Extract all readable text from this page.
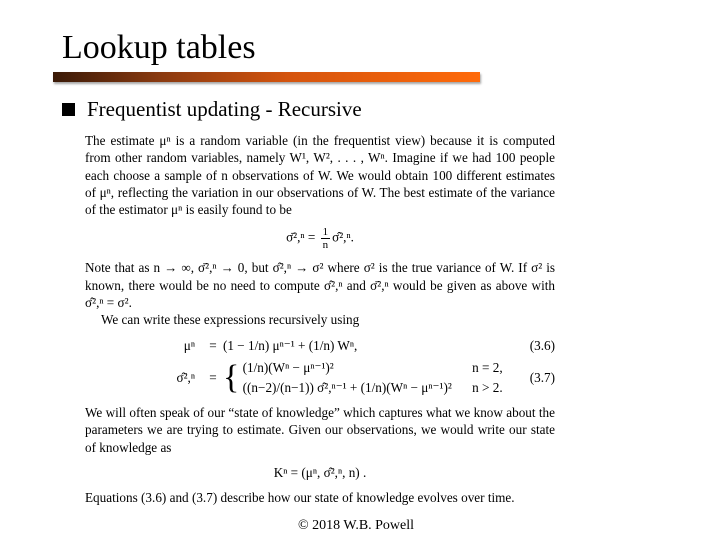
Lookup tables
Frequentist updating - Recursive

The estimate μⁿ is a random variable (in the frequentist view) because it is computed from other random variables, namely W¹, W², . . . , Wⁿ. Imagine if we had 100 people each choose a sample of n observations of W. We would obtain 100 different estimates of μⁿ, reflecting the variation in our observations of W. The best estimate of the variance of the estimator μⁿ is easily found to be

σ̄²,ⁿ = $\frac{1}{n}$ σ̂²,ⁿ.

Note that as n → ∞, σ̄²,ⁿ → 0, but σ̂²,ⁿ → σ² where σ² is the true variance of W. If σ² is known, there would be no need to compute σ̂²,ⁿ and σ̄²,ⁿ would be given as above with σ̂²,ⁿ = σ².

We can write these expressions recursively using

μⁿ	=	(1 − 1/n) μⁿ⁻¹ + (1/n) Wⁿ,	(3.6)
σ̂²,ⁿ	=	{ (1/n)(Wⁿ − μⁿ⁻¹)² n = 2,
((n−2)/(n−1)) σ̂²,ⁿ⁻¹ + (1/n)(Wⁿ − μⁿ⁻¹)² n > 2.	(3.7)

We will often speak of our “state of knowledge” which captures what we know about the parameters we are trying to estimate. Given our observations, we would write our state of knowledge as

Kⁿ = (μⁿ, σ̂²,ⁿ, n) .

Equations (3.6) and (3.7) describe how our state of knowledge evolves over time.

© 2018 W.B. Powell
